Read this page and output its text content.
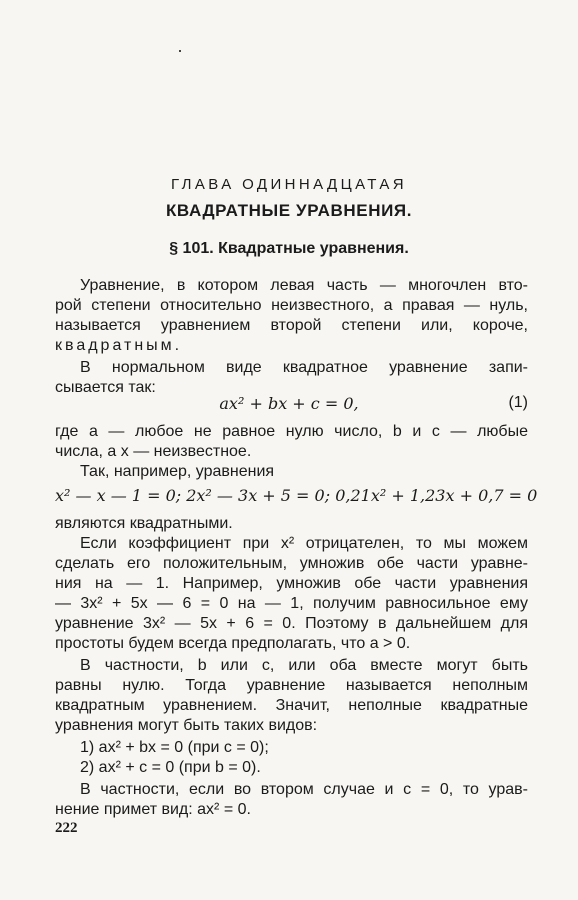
ГЛАВА ОДИННАДЦАТАЯ
КВАДРАТНЫЕ УРАВНЕНИЯ.
§ 101. Квадратные уравнения.
Уравнение, в котором левая часть — многочлен вто-
рой степени относительно неизвестного, а правая — нуль,
называется уравнением второй степени или, короче,
квадратным.
В нормальном виде квадратное уравнение запи-
сывается так:
ax² + bx + c = 0,	(1)
где a — любое не равное нулю число, b и c — любые
числа, a x — неизвестное.
Так, например, уравнения
x² — x — 1 = 0; 2x² — 3x + 5 = 0; 0,21x² + 1,23x + 0,7 = 0
являются квадратными.
Если коэффициент при x² отрицателен, то мы можем
сделать его положительным, умножив обе части уравне-
ния на — 1. Например, умножив обе части уравнения
— 3x² + 5x — 6 = 0 на — 1, получим равносильное ему
уравнение 3x² — 5x + 6 = 0. Поэтому в дальнейшем для
простоты будем всегда предполагать, что a > 0.
В частности, b или c, или оба вместе могут быть
равны нулю. Тогда уравнение называется неполным
квадратным уравнением. Значит, неполные квадратные
уравнения могут быть таких видов:
1) ax² + bx = 0 (при c = 0);
2) ax² + c = 0 (при b = 0).
В частности, если во втором случае и c = 0, то урав-
нение примет вид: ax² = 0.
222
